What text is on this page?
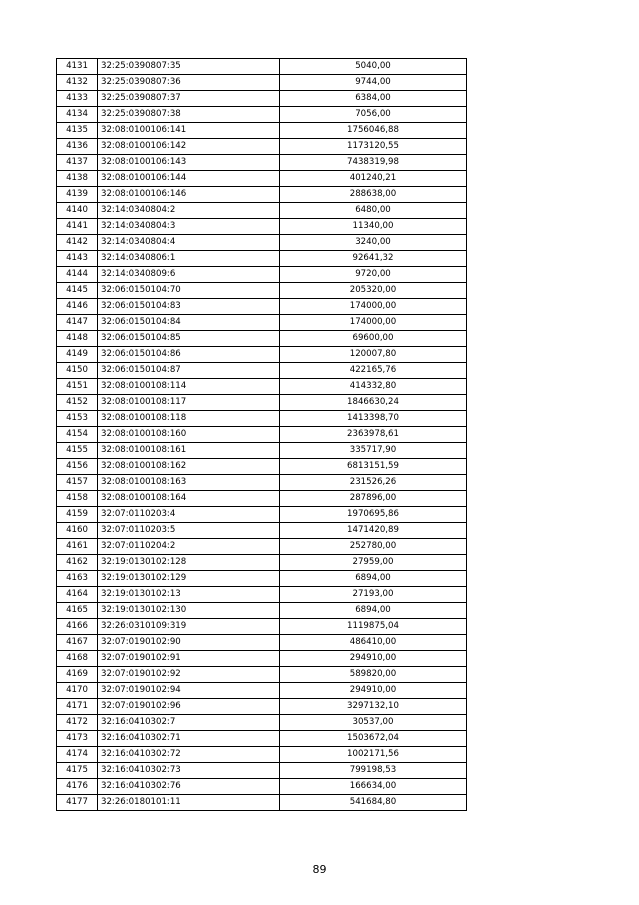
4131	32:25:0390807:35	5040,00
4132	32:25:0390807:36	9744,00
4133	32:25:0390807:37	6384,00
4134	32:25:0390807:38	7056,00
4135	32:08:0100106:141	1756046,88
4136	32:08:0100106:142	1173120,55
4137	32:08:0100106:143	7438319,98
4138	32:08:0100106:144	401240,21
4139	32:08:0100106:146	288638,00
4140	32:14:0340804:2	6480,00
4141	32:14:0340804:3	11340,00
4142	32:14:0340804:4	3240,00
4143	32:14:0340806:1	92641,32
4144	32:14:0340809:6	9720,00
4145	32:06:0150104:70	205320,00
4146	32:06:0150104:83	174000,00
4147	32:06:0150104:84	174000,00
4148	32:06:0150104:85	69600,00
4149	32:06:0150104:86	120007,80
4150	32:06:0150104:87	422165,76
4151	32:08:0100108:114	414332,80
4152	32:08:0100108:117	1846630,24
4153	32:08:0100108:118	1413398,70
4154	32:08:0100108:160	2363978,61
4155	32:08:0100108:161	335717,90
4156	32:08:0100108:162	6813151,59
4157	32:08:0100108:163	231526,26
4158	32:08:0100108:164	287896,00
4159	32:07:0110203:4	1970695,86
4160	32:07:0110203:5	1471420,89
4161	32:07:0110204:2	252780,00
4162	32:19:0130102:128	27959,00
4163	32:19:0130102:129	6894,00
4164	32:19:0130102:13	27193,00
4165	32:19:0130102:130	6894,00
4166	32:26:0310109:319	1119875,04
4167	32:07:0190102:90	486410,00
4168	32:07:0190102:91	294910,00
4169	32:07:0190102:92	589820,00
4170	32:07:0190102:94	294910,00
4171	32:07:0190102:96	3297132,10
4172	32:16:0410302:7	30537,00
4173	32:16:0410302:71	1503672,04
4174	32:16:0410302:72	1002171,56
4175	32:16:0410302:73	799198,53
4176	32:16:0410302:76	166634,00
4177	32:26:0180101:11	541684,80
89
